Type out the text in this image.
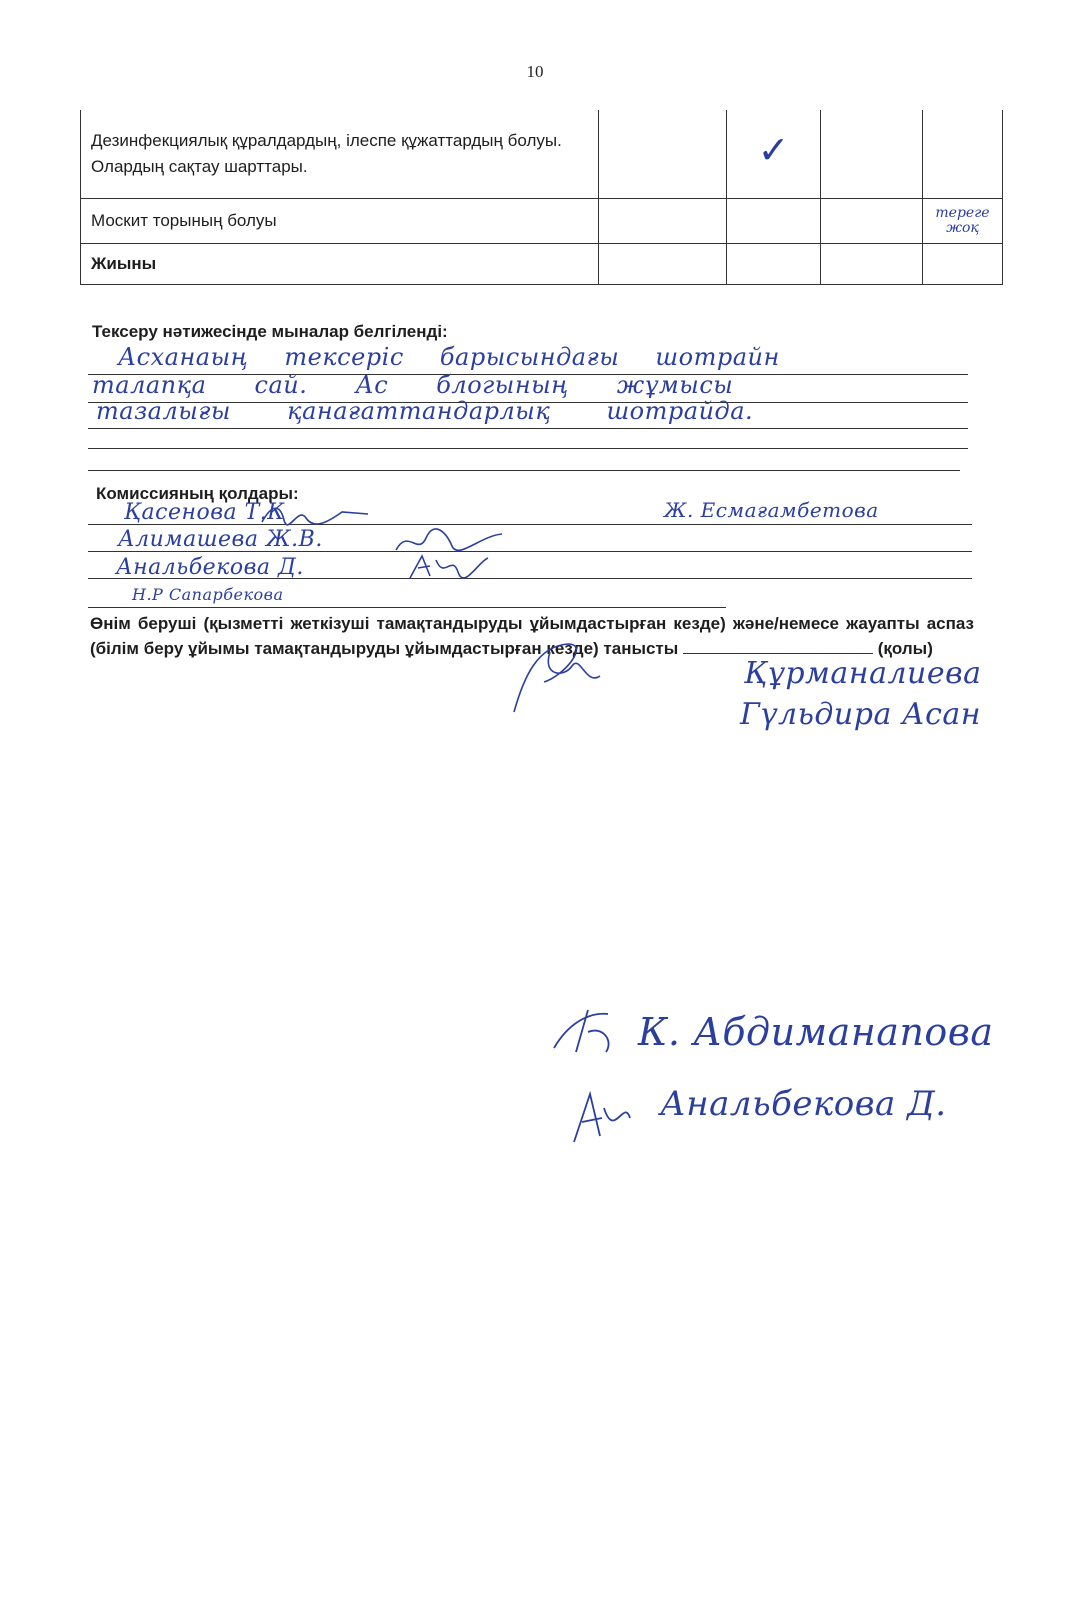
10
Дезинфекциялық құралдардың, ілеспе құжаттардың болуы. Олардың сақтау шарттары.		✓		
Москит торының болуы				тереге жоқ

Жиыны				
Тексеру нәтижесінде мыналар белгіленді:
Асханаың тексеріс барысындағы шотрайн
талапқа сай. Ас блогының жұмысы
тазалығы қанағаттандарлық шотрайда.
Комиссияның қолдары:
Қасенова Т.К	Ж. Есмағамбетова
Алимашева Ж.В.
Анальбекова Д.
Н.Р Сапарбекова
Өнім беруші (қызметті жеткізуші тамақтандыруды ұйымдастырған кезде) және/немесе жауапты аспаз (білім беру ұйымы тамақтандыруды ұйымдастырған кезде) танысты	(қолы)
Құрманалиева
Гүльдира Асан
К. Абдиманапова
Анальбекова Д.
